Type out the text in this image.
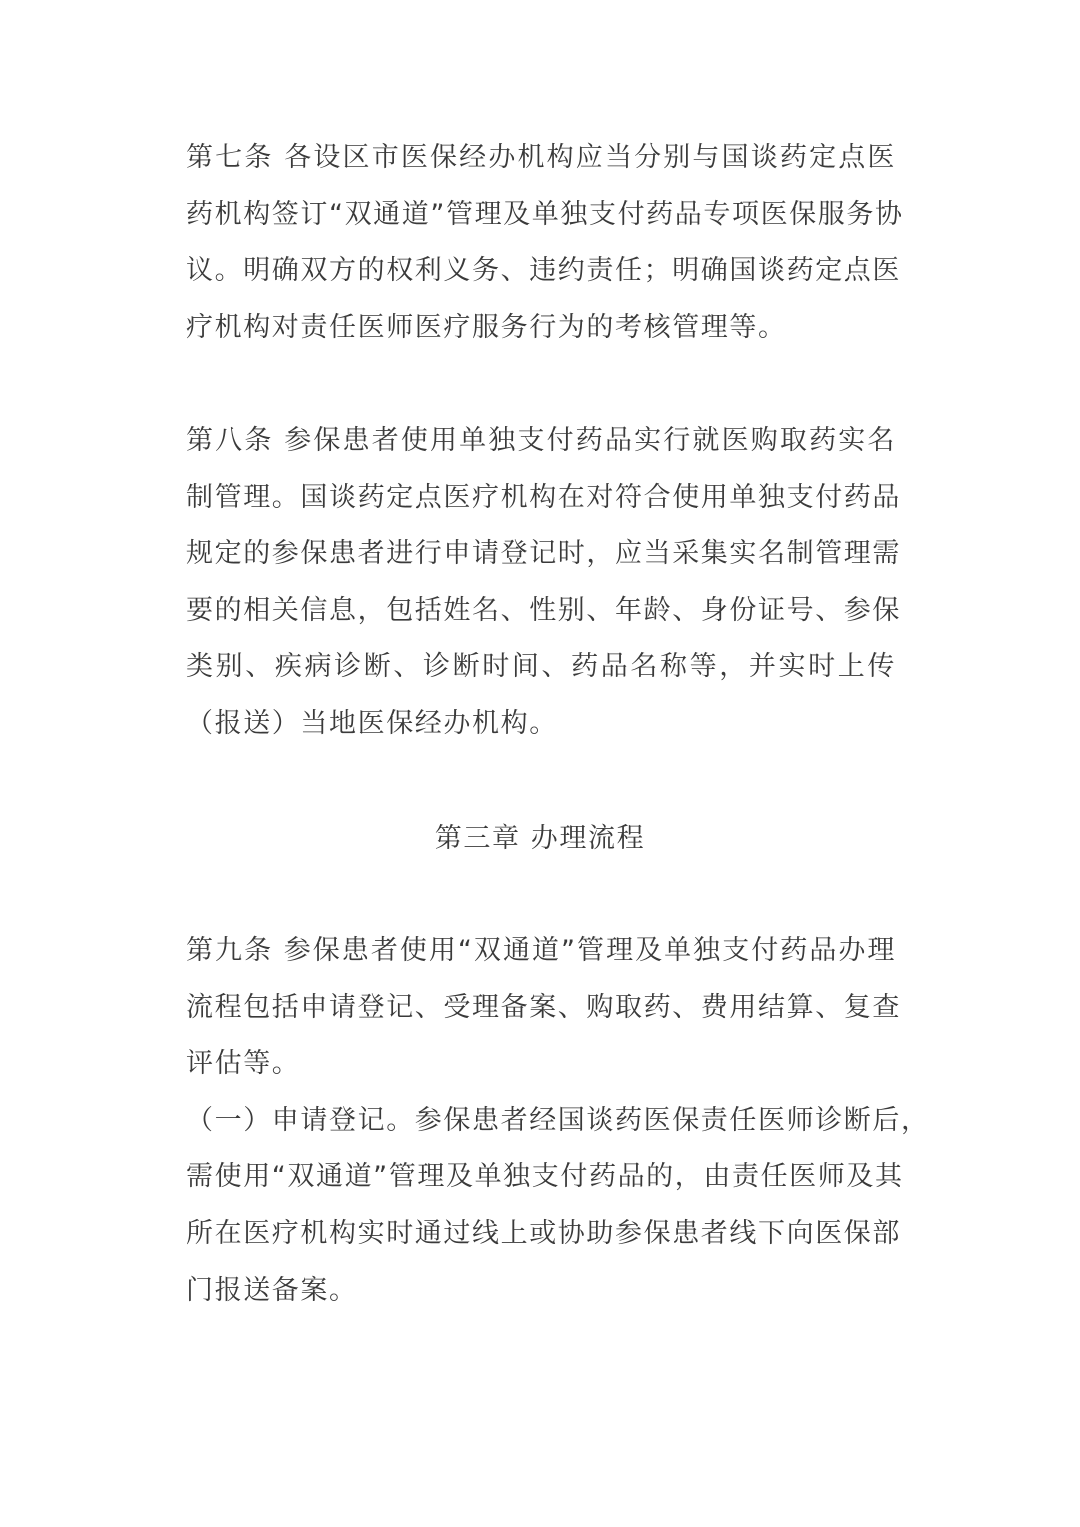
第七条 各设区市医保经办机构应当分别与国谈药定点医
药机构签订“双通道”管理及单独支付药品专项医保服务协
议。明确双方的权利义务、违约责任；明确国谈药定点医
疗机构对责任医师医疗服务行为的考核管理等。
第八条 参保患者使用单独支付药品实行就医购取药实名
制管理。国谈药定点医疗机构在对符合使用单独支付药品
规定的参保患者进行申请登记时，应当采集实名制管理需
要的相关信息，包括姓名、性别、年龄、身份证号、参保
类别、疾病诊断、诊断时间、药品名称等，并实时上传
（报送）当地医保经办机构。
第三章 办理流程
第九条 参保患者使用“双通道”管理及单独支付药品办理
流程包括申请登记、受理备案、购取药、费用结算、复查
评估等。
（一）申请登记。参保患者经国谈药医保责任医师诊断后，
需使用“双通道”管理及单独支付药品的，由责任医师及其
所在医疗机构实时通过线上或协助参保患者线下向医保部
门报送备案。
